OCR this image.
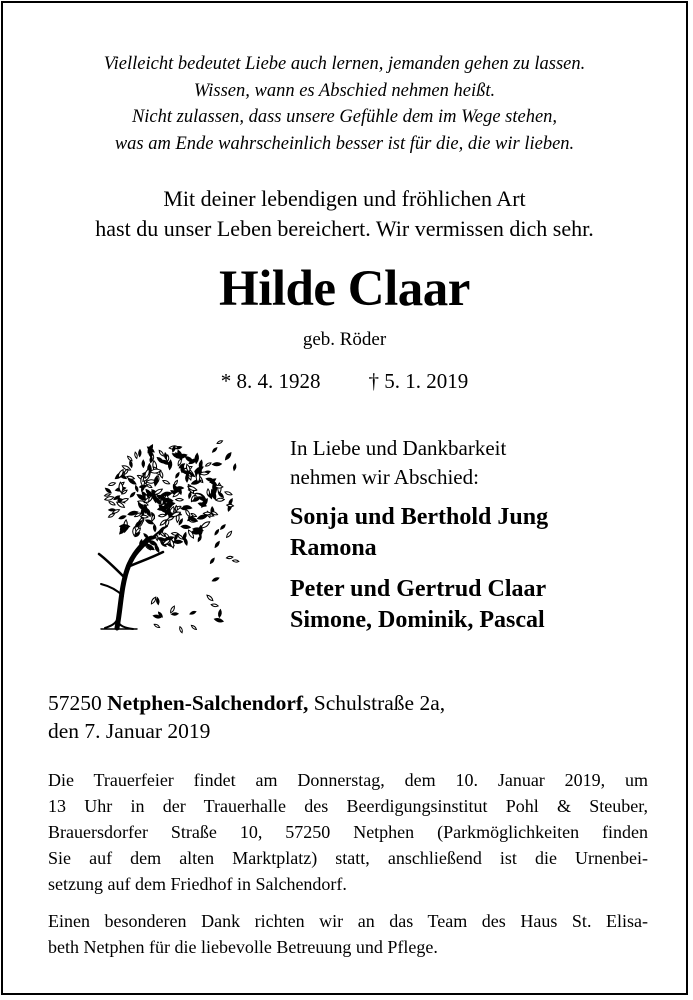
Vielleicht bedeutet Liebe auch lernen, jemanden gehen zu lassen.
Wissen, wann es Abschied nehmen heißt.
Nicht zulassen, dass unsere Gefühle dem im Wege stehen,
was am Ende wahrscheinlich besser ist für die, die wir lieben.
Mit deiner lebendigen und fröhlichen Art
hast du unser Leben bereichert. Wir vermissen dich sehr.
Hilde Claar
geb. Röder
* 8. 4. 1928 † 5. 1. 2019
In Liebe und Dankbarkeit
nehmen wir Abschied:
Sonja und Berthold Jung
Ramona
Peter und Gertrud Claar
Simone, Dominik, Pascal
57250 Netphen-Salchendorf, Schulstraße 2a,
den 7. Januar 2019
Die Trauerfeier findet am Donnerstag, dem 10. Januar 2019, um
13 Uhr in der Trauerhalle des Beerdigungsinstitut Pohl & Steuber,
Brauersdorfer Straße 10, 57250 Netphen (Parkmöglichkeiten finden
Sie auf dem alten Marktplatz) statt, anschließend ist die Urnenbei-
setzung auf dem Friedhof in Salchendorf.
Einen besonderen Dank richten wir an das Team des Haus St. Elisa-
beth Netphen für die liebevolle Betreuung und Pflege.
